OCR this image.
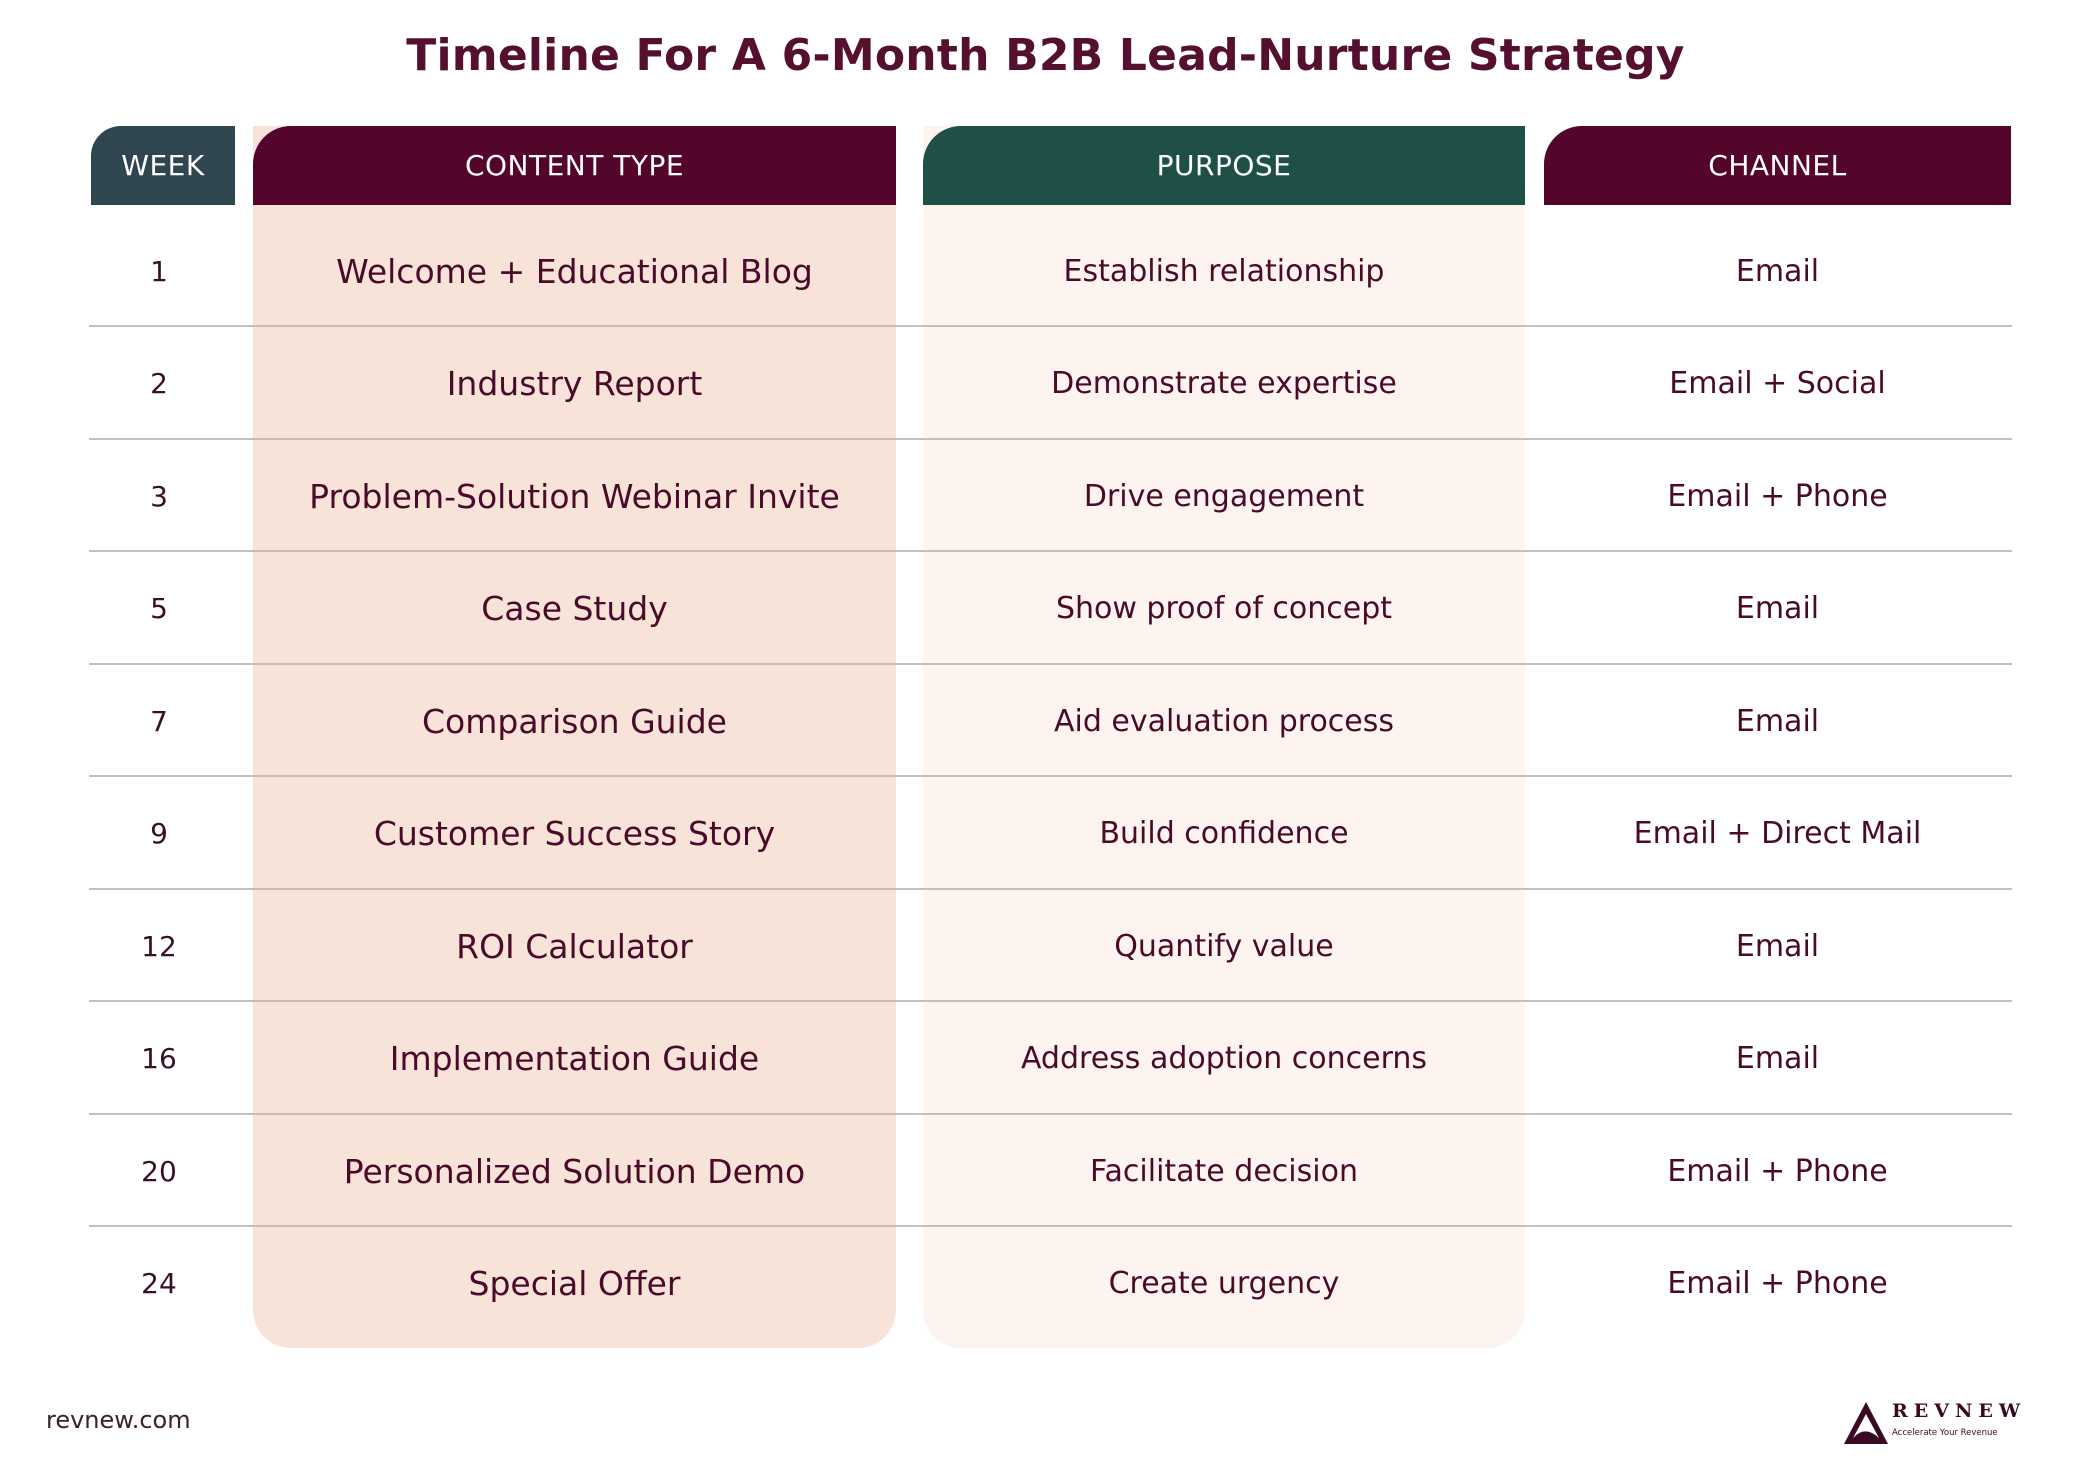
Timeline For A 6-Month B2B Lead-Nurture Strategy
WEEK	CONTENT TYPE	PURPOSE	CHANNEL
1	Welcome + Educational Blog	Establish relationship	Email
2	Industry Report	Demonstrate expertise	Email + Social
3	Problem-Solution Webinar Invite	Drive engagement	Email + Phone
5	Case Study	Show proof of concept	Email
7	Comparison Guide	Aid evaluation process	Email
9	Customer Success Story	Build confidence	Email + Direct Mail
12	ROI Calculator	Quantify value	Email
16	Implementation Guide	Address adoption concerns	Email
20	Personalized Solution Demo	Facilitate decision	Email + Phone
24	Special Offer	Create urgency	Email + Phone
revnew.com	REVNEW
Accelerate Your Revenue
